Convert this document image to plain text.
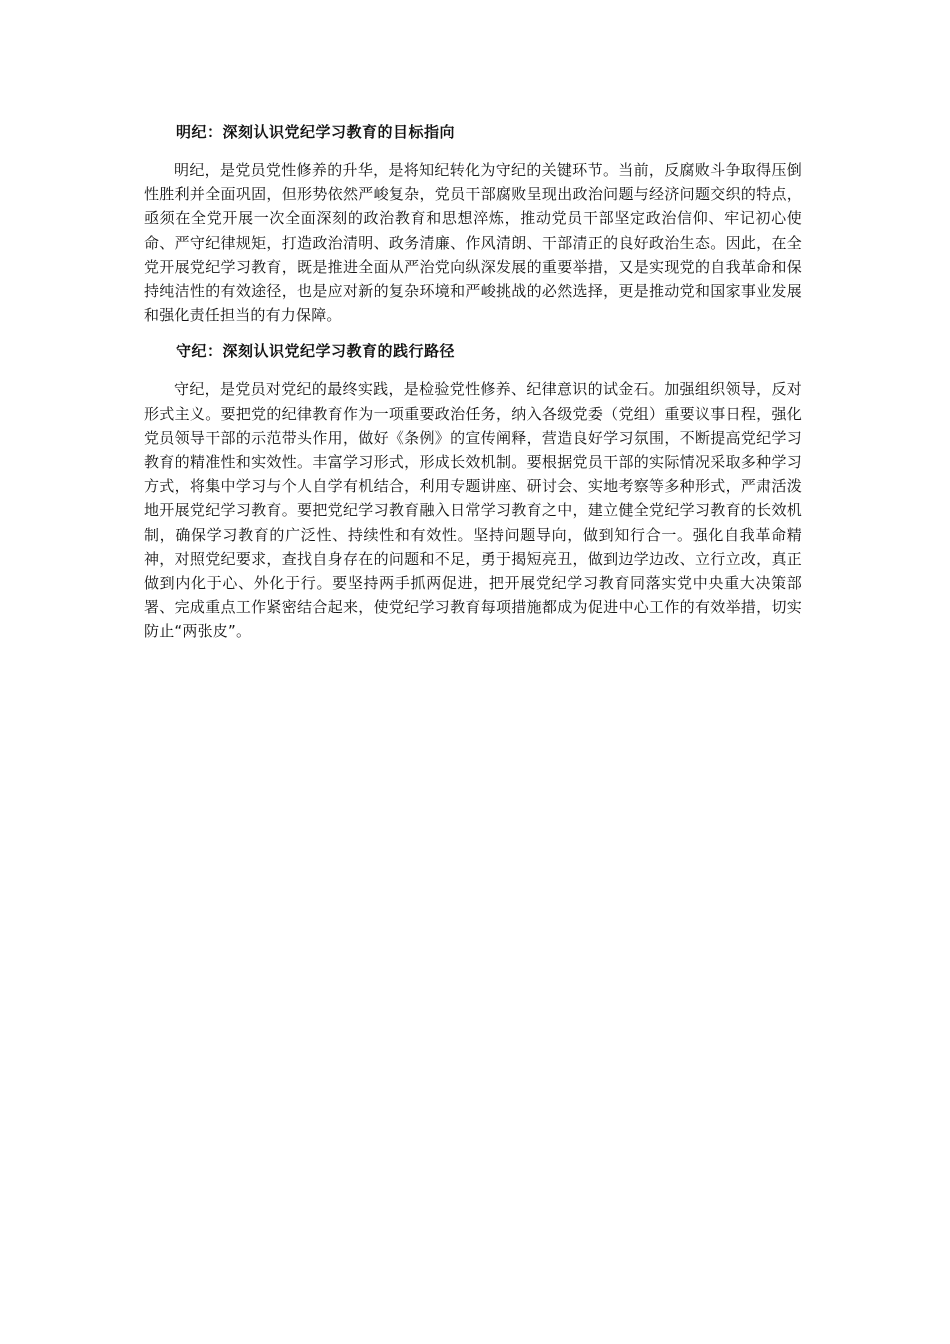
明纪：深刻认识党纪学习教育的目标指向

明纪，是党员党性修养的升华，是将知纪转化为守纪的关键环节。当前，反腐败斗争取得压倒性胜利并全面巩固，但形势依然严峻复杂，党员干部腐败呈现出政治问题与经济问题交织的特点，亟须在全党开展一次全面深刻的政治教育和思想淬炼，推动党员干部坚定政治信仰、牢记初心使命、严守纪律规矩，打造政治清明、政务清廉、作风清朗、干部清正的良好政治生态。因此，在全党开展党纪学习教育，既是推进全面从严治党向纵深发展的重要举措，又是实现党的自我革命和保持纯洁性的有效途径，也是应对新的复杂环境和严峻挑战的必然选择，更是推动党和国家事业发展和强化责任担当的有力保障。

守纪：深刻认识党纪学习教育的践行路径

守纪，是党员对党纪的最终实践，是检验党性修养、纪律意识的试金石。加强组织领导，反对形式主义。要把党的纪律教育作为一项重要政治任务，纳入各级党委（党组）重要议事日程，强化党员领导干部的示范带头作用，做好《条例》的宣传阐释，营造良好学习氛围，不断提高党纪学习教育的精准性和实效性。丰富学习形式，形成长效机制。要根据党员干部的实际情况采取多种学习方式，将集中学习与个人自学有机结合，利用专题讲座、研讨会、实地考察等多种形式，严肃活泼地开展党纪学习教育。要把党纪学习教育融入日常学习教育之中，建立健全党纪学习教育的长效机制，确保学习教育的广泛性、持续性和有效性。坚持问题导向，做到知行合一。强化自我革命精神，对照党纪要求，查找自身存在的问题和不足，勇于揭短亮丑，做到边学边改、立行立改，真正做到内化于心、外化于行。要坚持两手抓两促进，把开展党纪学习教育同落实党中央重大决策部署、完成重点工作紧密结合起来，使党纪学习教育每项措施都成为促进中心工作的有效举措，切实防止“两张皮”。
